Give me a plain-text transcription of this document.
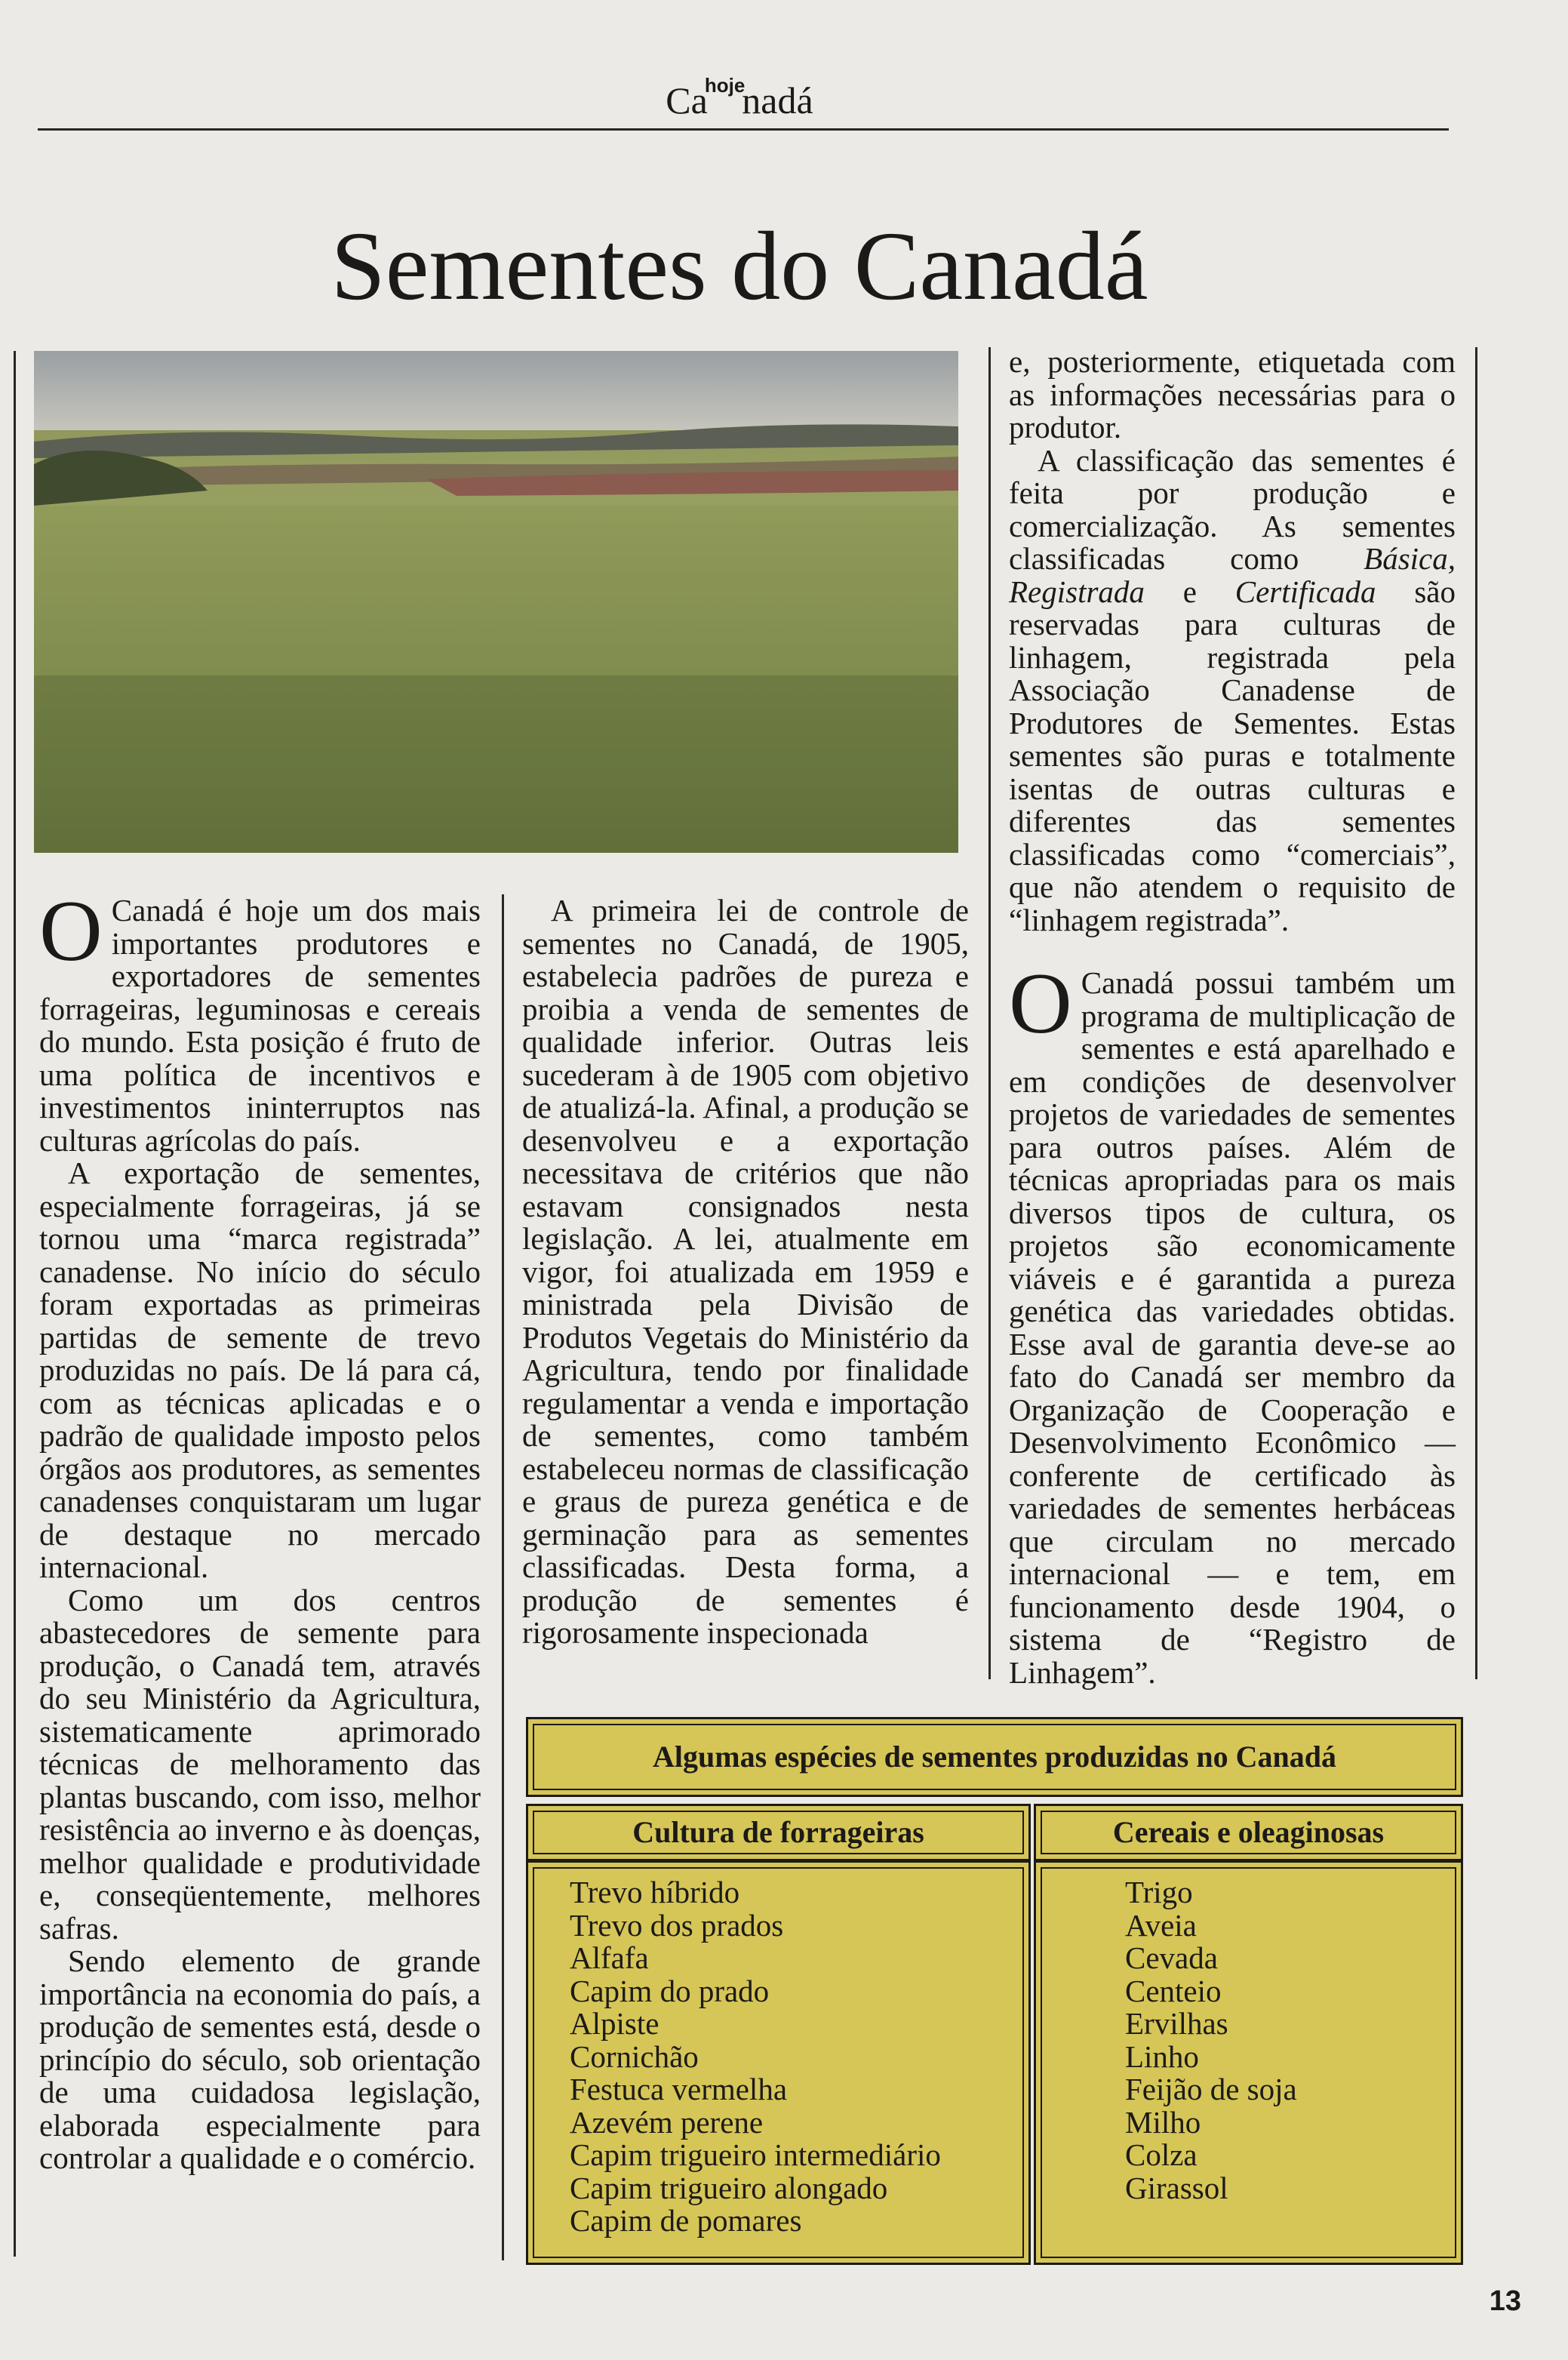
$Ca^{hoje}nadá$
Sementes do Canadá

O Canadá é hoje um dos mais importantes produtores e exportadores de sementes forrageiras, leguminosas e cereais do mundo. Esta posição é fruto de uma política de incentivos e investimentos ininterruptos nas culturas agrícolas do país.

A exportação de sementes, especialmente forrageiras, já se tornou uma “marca registrada” canadense. No início do século foram exportadas as primeiras partidas de semente de trevo produzidas no país. De lá para cá, com as técnicas aplicadas e o padrão de qualidade imposto pelos órgãos aos produtores, as sementes canadenses conquistaram um lugar de destaque no mercado internacional.

Como um dos centros abastecedores de semente para produção, o Canadá tem, através do seu Ministério da Agricultura, sistematicamente aprimorado técnicas de melhoramento das plantas buscando, com isso, melhor resistência ao inverno e às doenças, melhor qualidade e produtividade e, conseqüentemente, melhores safras.

Sendo elemento de grande importância na economia do país, a produção de sementes está, desde o princípio do século, sob orientação de uma cuidadosa legislação, elaborada especialmente para controlar a qualidade e o comércio.

A primeira lei de controle de sementes no Canadá, de 1905, estabelecia padrões de pureza e proibia a venda de sementes de qualidade inferior. Outras leis sucederam à de 1905 com objetivo de atualizá-la. Afinal, a produção se desenvolveu e a exportação necessitava de critérios que não estavam consignados nesta legislação. A lei, atualmente em vigor, foi atualizada em 1959 e ministrada pela Divisão de Produtos Vegetais do Ministério da Agricultura, tendo por finalidade regulamentar a venda e importação de sementes, como também estabeleceu normas de classificação e graus de pureza genética e de germinação para as sementes classificadas. Desta forma, a produção de sementes é rigorosamente inspecionada

e, posteriormente, etiquetada com as informações necessárias para o produtor.

A classificação das sementes é feita por produção e comercialização. As sementes classificadas como Básica, Registrada e Certificada são reservadas para culturas de linhagem, registrada pela Associação Canadense de Produtores de Sementes. Estas sementes são puras e totalmente isentas de outras culturas e diferentes das sementes classificadas como “comerciais”, que não atendem o requisito de “linhagem registrada”.

O Canadá possui também um programa de multiplicação de sementes e está aparelhado e em condições de desenvolver projetos de variedades de sementes para outros países. Além de técnicas apropriadas para os mais diversos tipos de cultura, os projetos são economicamente viáveis e é garantida a pureza genética das variedades obtidas. Esse aval de garantia deve-se ao fato do Canadá ser membro da Organização de Cooperação e Desenvolvimento Econômico — conferente de certificado às variedades de sementes herbáceas que circulam no mercado internacional — e tem, em funcionamento desde 1904, o sistema de “Registro de Linhagem”.

Algumas espécies de sementes produzidas no Canadá
Cultura de forrageiras	Cereais e oleaginosas
Trevo híbrido
Trevo dos prados
Alfafa
Capim do prado
Alpiste
Cornichão
Festuca vermelha
Azevém perene
Capim trigueiro intermediário
Capim trigueiro alongado
Capim de pomares
Trigo
Aveia
Cevada
Centeio
Ervilhas
Linho
Feijão de soja
Milho
Colza
Girassol
13
